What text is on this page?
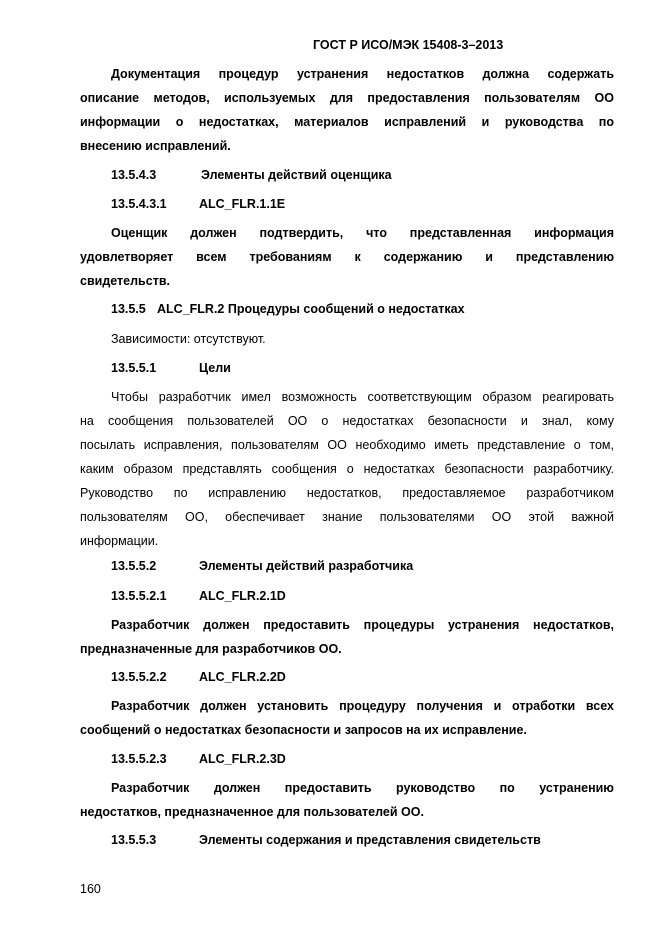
ГОСТ Р ИСО/МЭК 15408-3–2013
Документация процедур устранения недостатков должна содержать
описание методов, используемых для предоставления пользователям ОО
информации о недостатках, материалов исправлений и руководства по
внесению исправлений.
13.5.4.3	Элементы действий оценщика
13.5.4.3.1	ALC_FLR.1.1E
Оценщик должен подтвердить, что представленная информация
удовлетворяет всем требованиям к содержанию и представлению
свидетельств.
13.5.5 ALC_FLR.2 Процедуры сообщений о недостатках
Зависимости: отсутствуют.
13.5.5.1	Цели
Чтобы разработчик имел возможность соответствующим образом реагировать
на сообщения пользователей ОО о недостатках безопасности и знал, кому
посылать исправления, пользователям ОО необходимо иметь представление о том,
каким образом представлять сообщения о недостатках безопасности разработчику.
Руководство по исправлению недостатков, предоставляемое разработчиком
пользователям ОО, обеспечивает знание пользователями ОО этой важной
информации.
13.5.5.2	Элементы действий разработчика
13.5.5.2.1	ALC_FLR.2.1D
Разработчик должен предоставить процедуры устранения недостатков,
предназначенные для разработчиков ОО.
13.5.5.2.2	ALC_FLR.2.2D
Разработчик должен установить процедуру получения и отработки всех
сообщений о недостатках безопасности и запросов на их исправление.
13.5.5.2.3	ALC_FLR.2.3D
Разработчик должен предоставить руководство по устранению
недостатков, предназначенное для пользователей ОО.
13.5.5.3	Элементы содержания и представления свидетельств
160
